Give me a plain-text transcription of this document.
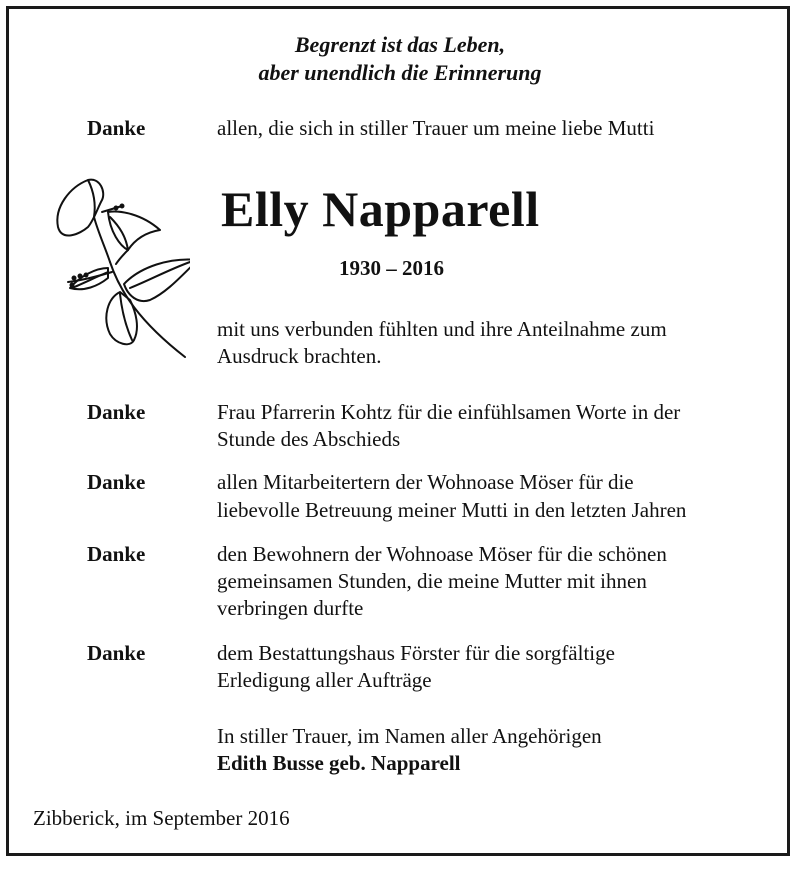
Begrenzt ist das Leben,
aber unendlich die Erinnerung
Danke	allen, die sich in stiller Trauer um meine liebe Mutti
Elly Napparell
1930 – 2016
mit uns verbunden fühlten und ihre Anteilnahme zum
Ausdruck brachten.
Danke	Frau Pfarrerin Kohtz für die einfühlsamen Worte in der
Stunde des Abschieds
Danke	allen Mitarbeitertern der Wohnoase Möser für die
liebevolle Betreuung meiner Mutti in den letzten Jahren
Danke	den Bewohnern der Wohnoase Möser für die schönen
gemeinsamen Stunden, die meine Mutter mit ihnen
verbringen durfte
Danke	dem Bestattungshaus Förster für die sorgfältige
Erledigung aller Aufträge
In stiller Trauer, im Namen aller Angehörigen
Edith Busse geb. Napparell
Zibberick, im September 2016
